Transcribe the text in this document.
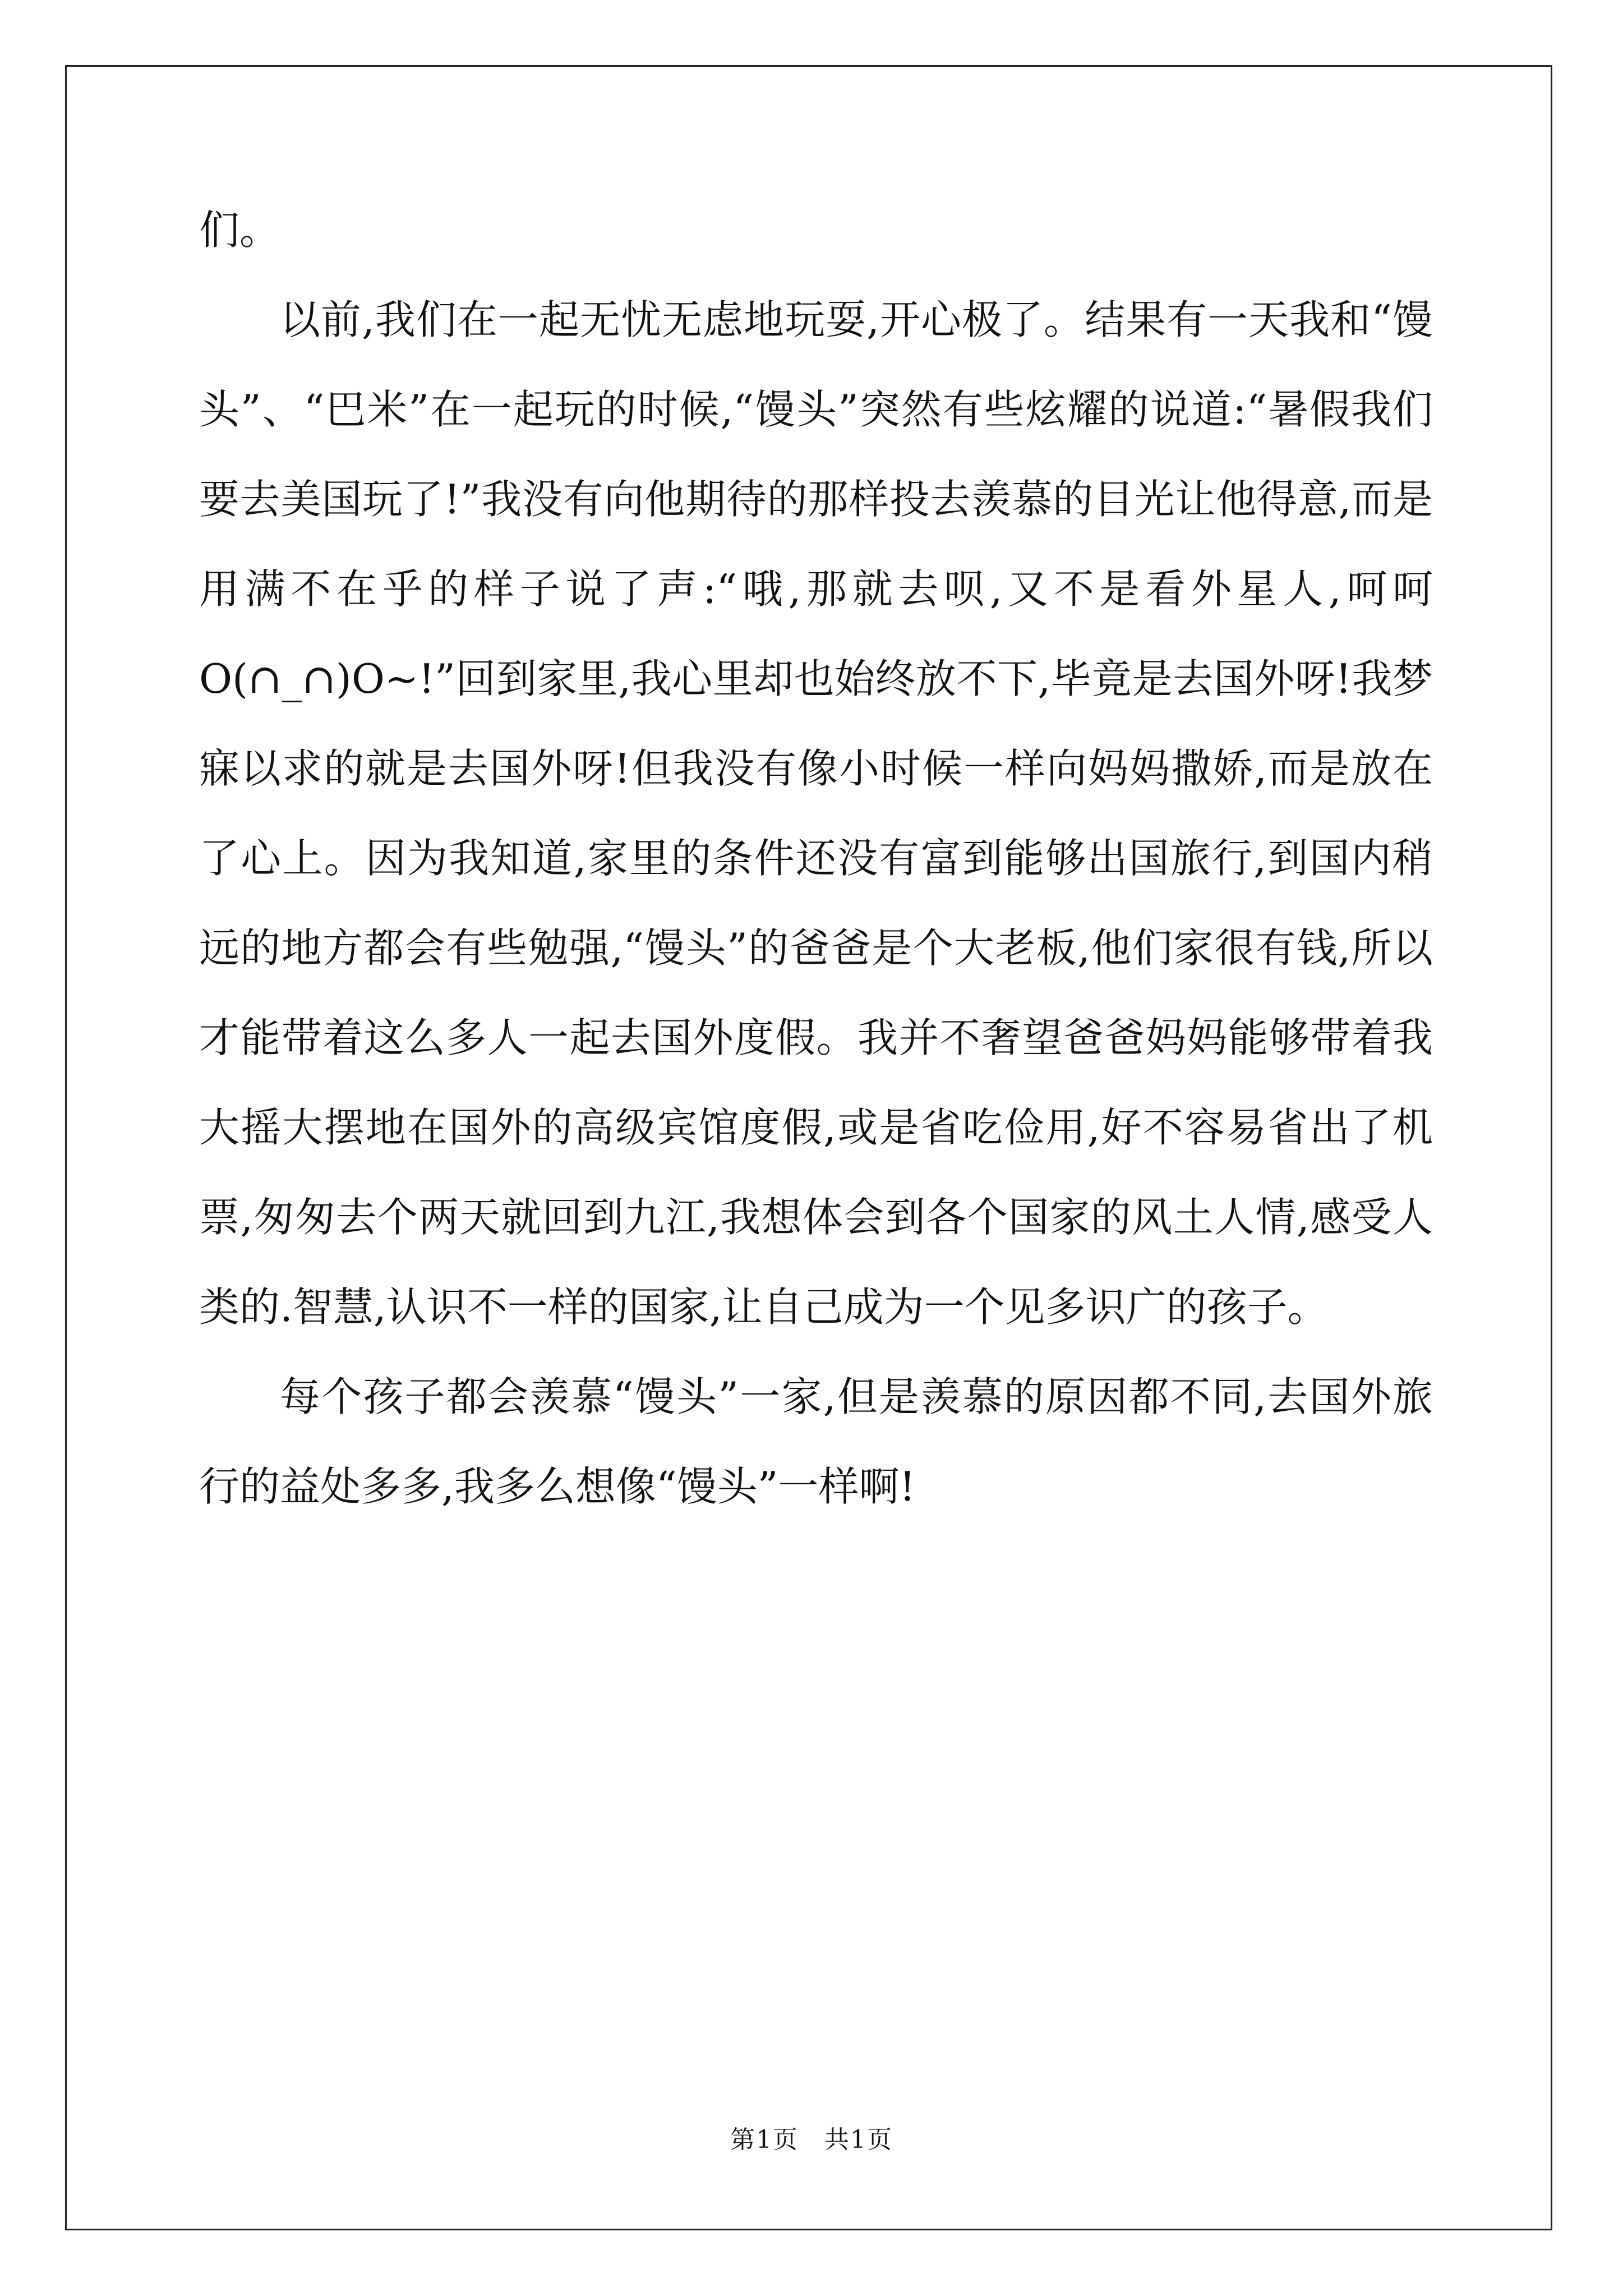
们。

以前,我们在一起无忧无虑地玩耍,开心极了。结果有一天我和“馒头”、“巴米”在一起玩的时候,“馒头”突然有些炫耀的说道:“暑假我们要去美国玩了!”我没有向他期待的那样投去羡慕的目光让他得意,而是用满不在乎的样子说了声:“哦,那就去呗,又不是看外星人,呵呵O(∩_∩)O~!”回到家里,我心里却也始终放不下,毕竟是去国外呀!我梦寐以求的就是去国外呀!但我没有像小时候一样向妈妈撒娇,而是放在了心上。因为我知道,家里的条件还没有富到能够出国旅行,到国内稍远的地方都会有些勉强,“馒头”的爸爸是个大老板,他们家很有钱,所以才能带着这么多人一起去国外度假。我并不奢望爸爸妈妈能够带着我大摇大摆地在国外的高级宾馆度假,或是省吃俭用,好不容易省出了机票,匆匆去个两天就回到九江,我想体会到各个国家的风土人情,感受人类的.智慧,认识不一样的国家,让自己成为一个见多识广的孩子。

每个孩子都会羡慕“馒头”一家,但是羡慕的原因都不同,去国外旅行的益处多多,我多么想像“馒头”一样啊!

第1页　共1页
